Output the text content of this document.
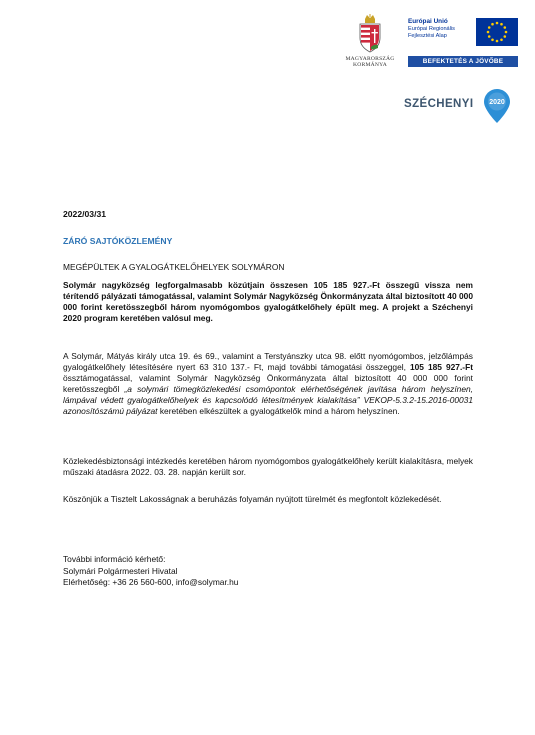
MAGYARORSZÁG
KORMÁNYA
Európai Unió
Európai Regionális
Fejlesztési Alap
BEFEKTETÉS A JÖVŐBE
SZÉCHENYI 2020
2022/03/31
ZÁRÓ SAJTÓKÖZLEMÉNY
MEGÉPÜLTEK A GYALOGÁTKELŐHELYEK SOLYMÁRON
Solymár nagyközség legforgalmasabb közútjain összesen 105 185 927.-Ft összegű vissza nem térítendő pályázati támogatással, valamint Solymár Nagyközség Önkormányzata által biztosított 40 000 000 forint keretösszegből három nyomógombos gyalogátkelőhely épült meg. A projekt a Széchenyi 2020 program keretében valósul meg.
A Solymár, Mátyás király utca 19. és 69., valamint a Terstyánszky utca 98. előtt nyomógombos, jelzőlámpás gyalogátkelőhely létesítésére nyert 63 310 137.- Ft, majd további támogatási összeggel, 105 185 927.-Ft össztámogatással, valamint Solymár Nagyközség Önkormányzata által biztosított 40 000 000 forint keretösszegből „a solymári tömegközlekedési csomópontok elérhetőségének javítása három helyszínen, lámpával védett gyalogátkelőhelyek és kapcsolódó létesítmények kialakítása” VEKOP-5.3.2-15.2016-00031 azonosítószámú pályázat keretében elkészültek a gyalogátkelők mind a három helyszínen.
Közlekedésbiztonsági intézkedés keretében három nyomógombos gyalogátkelőhely került kialakításra, melyek műszaki átadásra 2022. 03. 28. napján került sor.
Köszönjük a Tisztelt Lakosságnak a beruházás folyamán nyújtott türelmét és megfontolt közlekedését.
További információ kérhető:
Solymári Polgármesteri Hivatal
Elérhetőség: +36 26 560-600, info@solymar.hu
